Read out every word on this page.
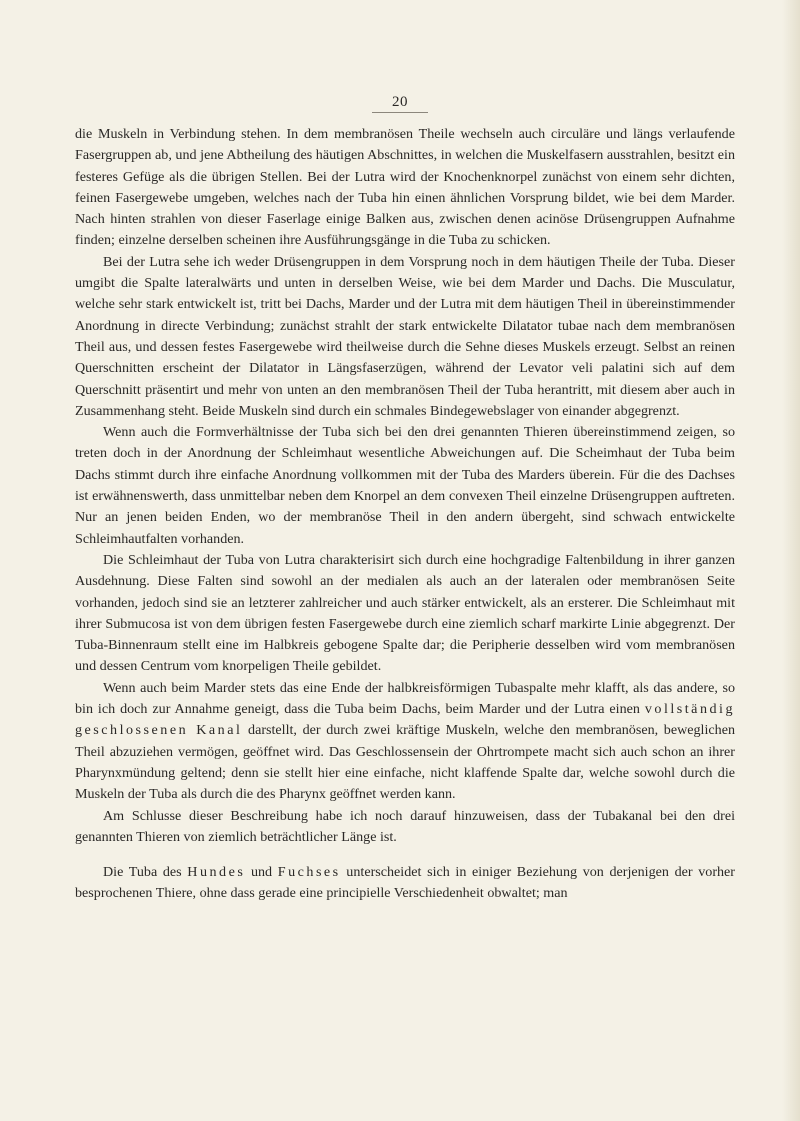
20

die Muskeln in Verbindung stehen. In dem membranösen Theile wechseln auch circuläre und längs verlaufende Fasergruppen ab, und jene Abtheilung des häutigen Abschnittes, in welchen die Muskelfasern ausstrahlen, besitzt ein festeres Gefüge als die übrigen Stellen. Bei der Lutra wird der Knochenknorpel zunächst von einem sehr dichten, feinen Fasergewebe umgeben, welches nach der Tuba hin einen ähnlichen Vorsprung bildet, wie bei dem Marder. Nach hinten strahlen von dieser Faserlage einige Balken aus, zwischen denen acinöse Drüsengruppen Aufnahme finden; einzelne derselben scheinen ihre Ausführungsgänge in die Tuba zu schicken.

Bei der Lutra sehe ich weder Drüsengruppen in dem Vorsprung noch in dem häutigen Theile der Tuba. Dieser umgibt die Spalte lateralwärts und unten in derselben Weise, wie bei dem Marder und Dachs. Die Musculatur, welche sehr stark entwickelt ist, tritt bei Dachs, Marder und der Lutra mit dem häutigen Theil in übereinstimmender Anordnung in directe Verbindung; zunächst strahlt der stark entwickelte Dilatator tubae nach dem membranösen Theil aus, und dessen festes Fasergewebe wird theilweise durch die Sehne dieses Muskels erzeugt. Selbst an reinen Querschnitten erscheint der Dilatator in Längsfaserzügen, während der Levator veli palatini sich auf dem Querschnitt präsentirt und mehr von unten an den membranösen Theil der Tuba herantritt, mit diesem aber auch in Zusammenhang steht. Beide Muskeln sind durch ein schmales Bindegewebslager von einander abgegrenzt.

Wenn auch die Formverhältnisse der Tuba sich bei den drei genannten Thieren übereinstimmend zeigen, so treten doch in der Anordnung der Schleimhaut wesentliche Abweichungen auf. Die Scheimhaut der Tuba beim Dachs stimmt durch ihre einfache Anordnung vollkommen mit der Tuba des Marders überein. Für die des Dachses ist erwähnenswerth, dass unmittelbar neben dem Knorpel an dem convexen Theil einzelne Drüsengruppen auftreten. Nur an jenen beiden Enden, wo der membranöse Theil in den andern übergeht, sind schwach entwickelte Schleimhautfalten vorhanden.

Die Schleimhaut der Tuba von Lutra charakterisirt sich durch eine hochgradige Faltenbildung in ihrer ganzen Ausdehnung. Diese Falten sind sowohl an der medialen als auch an der lateralen oder membranösen Seite vorhanden, jedoch sind sie an letzterer zahlreicher und auch stärker entwickelt, als an ersterer. Die Schleimhaut mit ihrer Submucosa ist von dem übrigen festen Fasergewebe durch eine ziemlich scharf markirte Linie abgegrenzt. Der Tuba-Binnenraum stellt eine im Halbkreis gebogene Spalte dar; die Peripherie desselben wird vom membranösen und dessen Centrum vom knorpeligen Theile gebildet.

Wenn auch beim Marder stets das eine Ende der halbkreisförmigen Tubaspalte mehr klafft, als das andere, so bin ich doch zur Annahme geneigt, dass die Tuba beim Dachs, beim Marder und der Lutra einen vollständig geschlossenen Kanal darstellt, der durch zwei kräftige Muskeln, welche den membranösen, beweglichen Theil abzuziehen vermögen, geöffnet wird. Das Geschlossensein der Ohrtrompete macht sich auch schon an ihrer Pharynxmündung geltend; denn sie stellt hier eine einfache, nicht klaffende Spalte dar, welche sowohl durch die Muskeln der Tuba als durch die des Pharynx geöffnet werden kann.

Am Schlusse dieser Beschreibung habe ich noch darauf hinzuweisen, dass der Tubakanal bei den drei genannten Thieren von ziemlich beträchtlicher Länge ist.

Die Tuba des Hundes und Fuchses unterscheidet sich in einiger Beziehung von derjenigen der vorher besprochenen Thiere, ohne dass gerade eine principielle Verschiedenheit obwaltet; man
